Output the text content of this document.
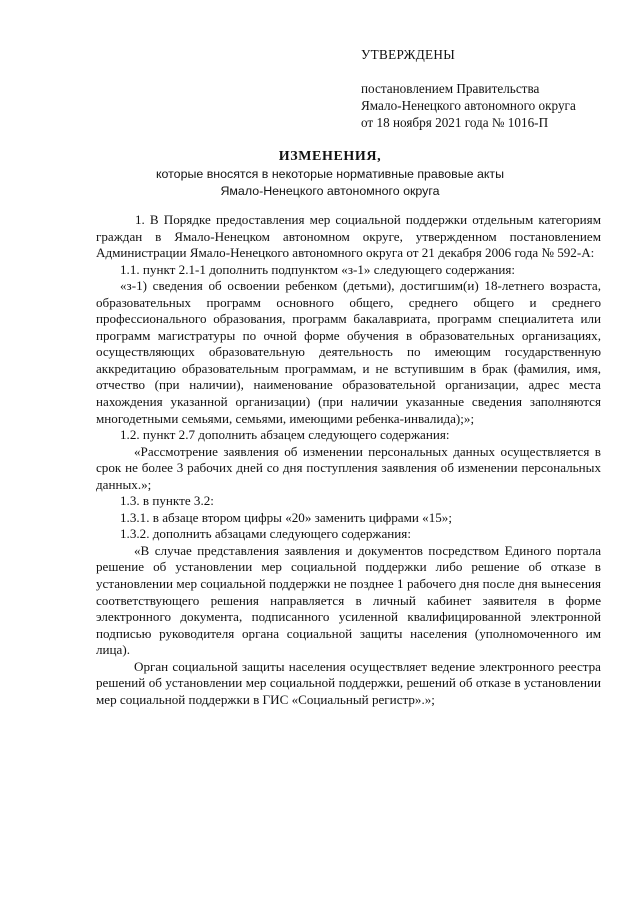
УТВЕРЖДЕНЫ
постановлением Правительства
Ямало-Ненецкого автономного округа
от 18 ноября 2021 года № 1016-П
ИЗМЕНЕНИЯ,
которые вносятся в некоторые нормативные правовые акты
Ямало-Ненецкого автономного округа

1. В Порядке предоставления мер социальной поддержки отдельным категориям граждан в Ямало-Ненецком автономном округе, утвержденном постановлением Администрации Ямало-Ненецкого автономного округа от 21 декабря 2006 года № 592-А:

1.1. пункт 2.1-1 дополнить подпунктом «з-1» следующего содержания:

«з-1) сведения об освоении ребенком (детьми), достигшим(и) 18-летнего возраста, образовательных программ основного общего, среднего общего и среднего профессионального образования, программ бакалавриата, программ специалитета или программ магистратуры по очной форме обучения в образовательных организациях, осуществляющих образовательную деятельность по имеющим государственную аккредитацию образовательным программам, и не вступившим в брак (фамилия, имя, отчество (при наличии), наименование образовательной организации, адрес места нахождения указанной организации) (при наличии указанные сведения заполняются многодетными семьями, семьями, имеющими ребенка-инвалида);»;

1.2. пункт 2.7 дополнить абзацем следующего содержания:

«Рассмотрение заявления об изменении персональных данных осуществляется в срок не более 3 рабочих дней со дня поступления заявления об изменении персональных данных.»;

1.3. в пункте 3.2:

1.3.1. в абзаце втором цифры «20» заменить цифрами «15»;

1.3.2. дополнить абзацами следующего содержания:

«В случае представления заявления и документов посредством Единого портала решение об установлении мер социальной поддержки либо решение об отказе в установлении мер социальной поддержки не позднее 1 рабочего дня после дня вынесения соответствующего решения направляется в личный кабинет заявителя в форме электронного документа, подписанного усиленной квалифицированной электронной подписью руководителя органа социальной защиты населения (уполномоченного им лица).

Орган социальной защиты населения осуществляет ведение электронного реестра решений об установлении мер социальной поддержки, решений об отказе в установлении мер социальной поддержки в ГИС «Социальный регистр».»;
